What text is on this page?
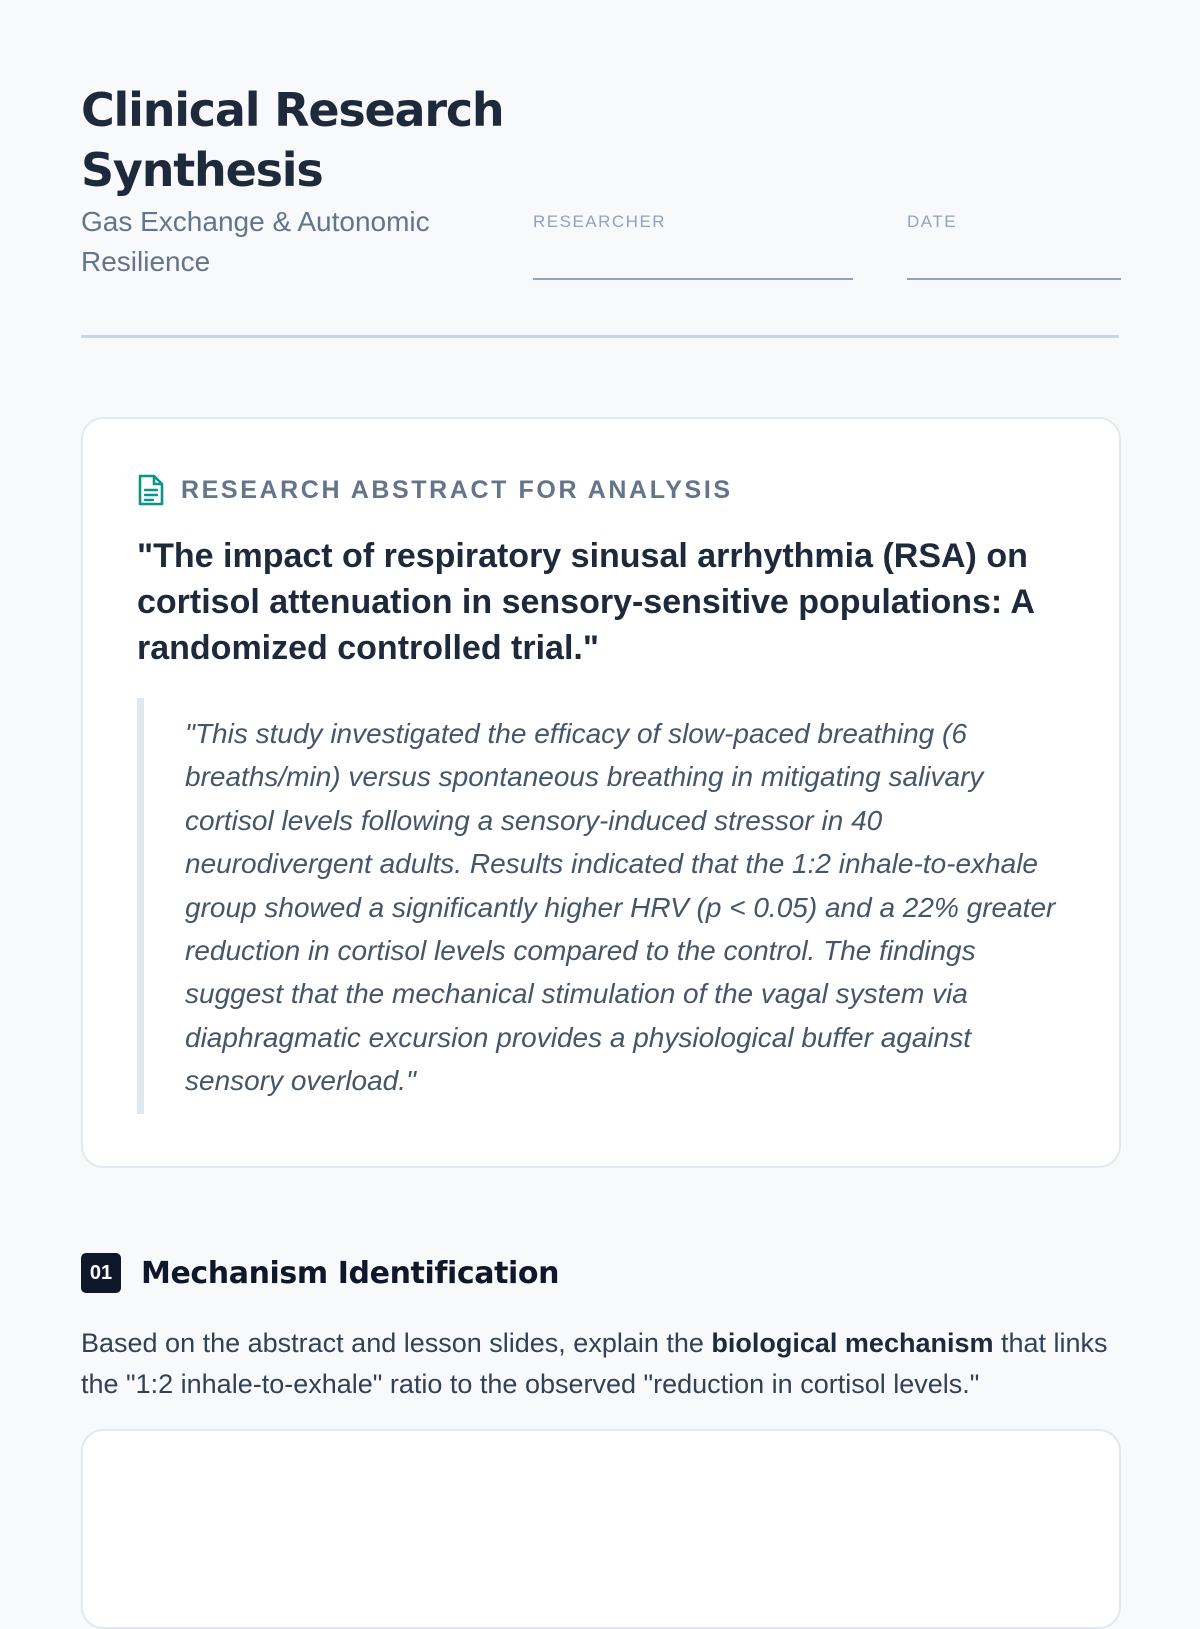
Clinical Research Synthesis
Gas Exchange & Autonomic Resilience
RESEARCHER	DATE
RESEARCH ABSTRACT FOR ANALYSIS
"The impact of respiratory sinusal arrhythmia (RSA) on cortisol attenuation in sensory-sensitive populations: A randomized controlled trial."
"This study investigated the efficacy of slow-paced breathing (6 breaths/min) versus spontaneous breathing in mitigating salivary cortisol levels following a sensory-induced stressor in 40 neurodivergent adults. Results indicated that the 1:2 inhale-to-exhale group showed a significantly higher HRV (p < 0.05) and a 22% greater reduction in cortisol levels compared to the control. The findings suggest that the mechanical stimulation of the vagal system via diaphragmatic excursion provides a physiological buffer against sensory overload."
01 Mechanism Identification

Based on the abstract and lesson slides, explain the biological mechanism that links the "1:2 inhale-to-exhale" ratio to the observed "reduction in cortisol levels."
